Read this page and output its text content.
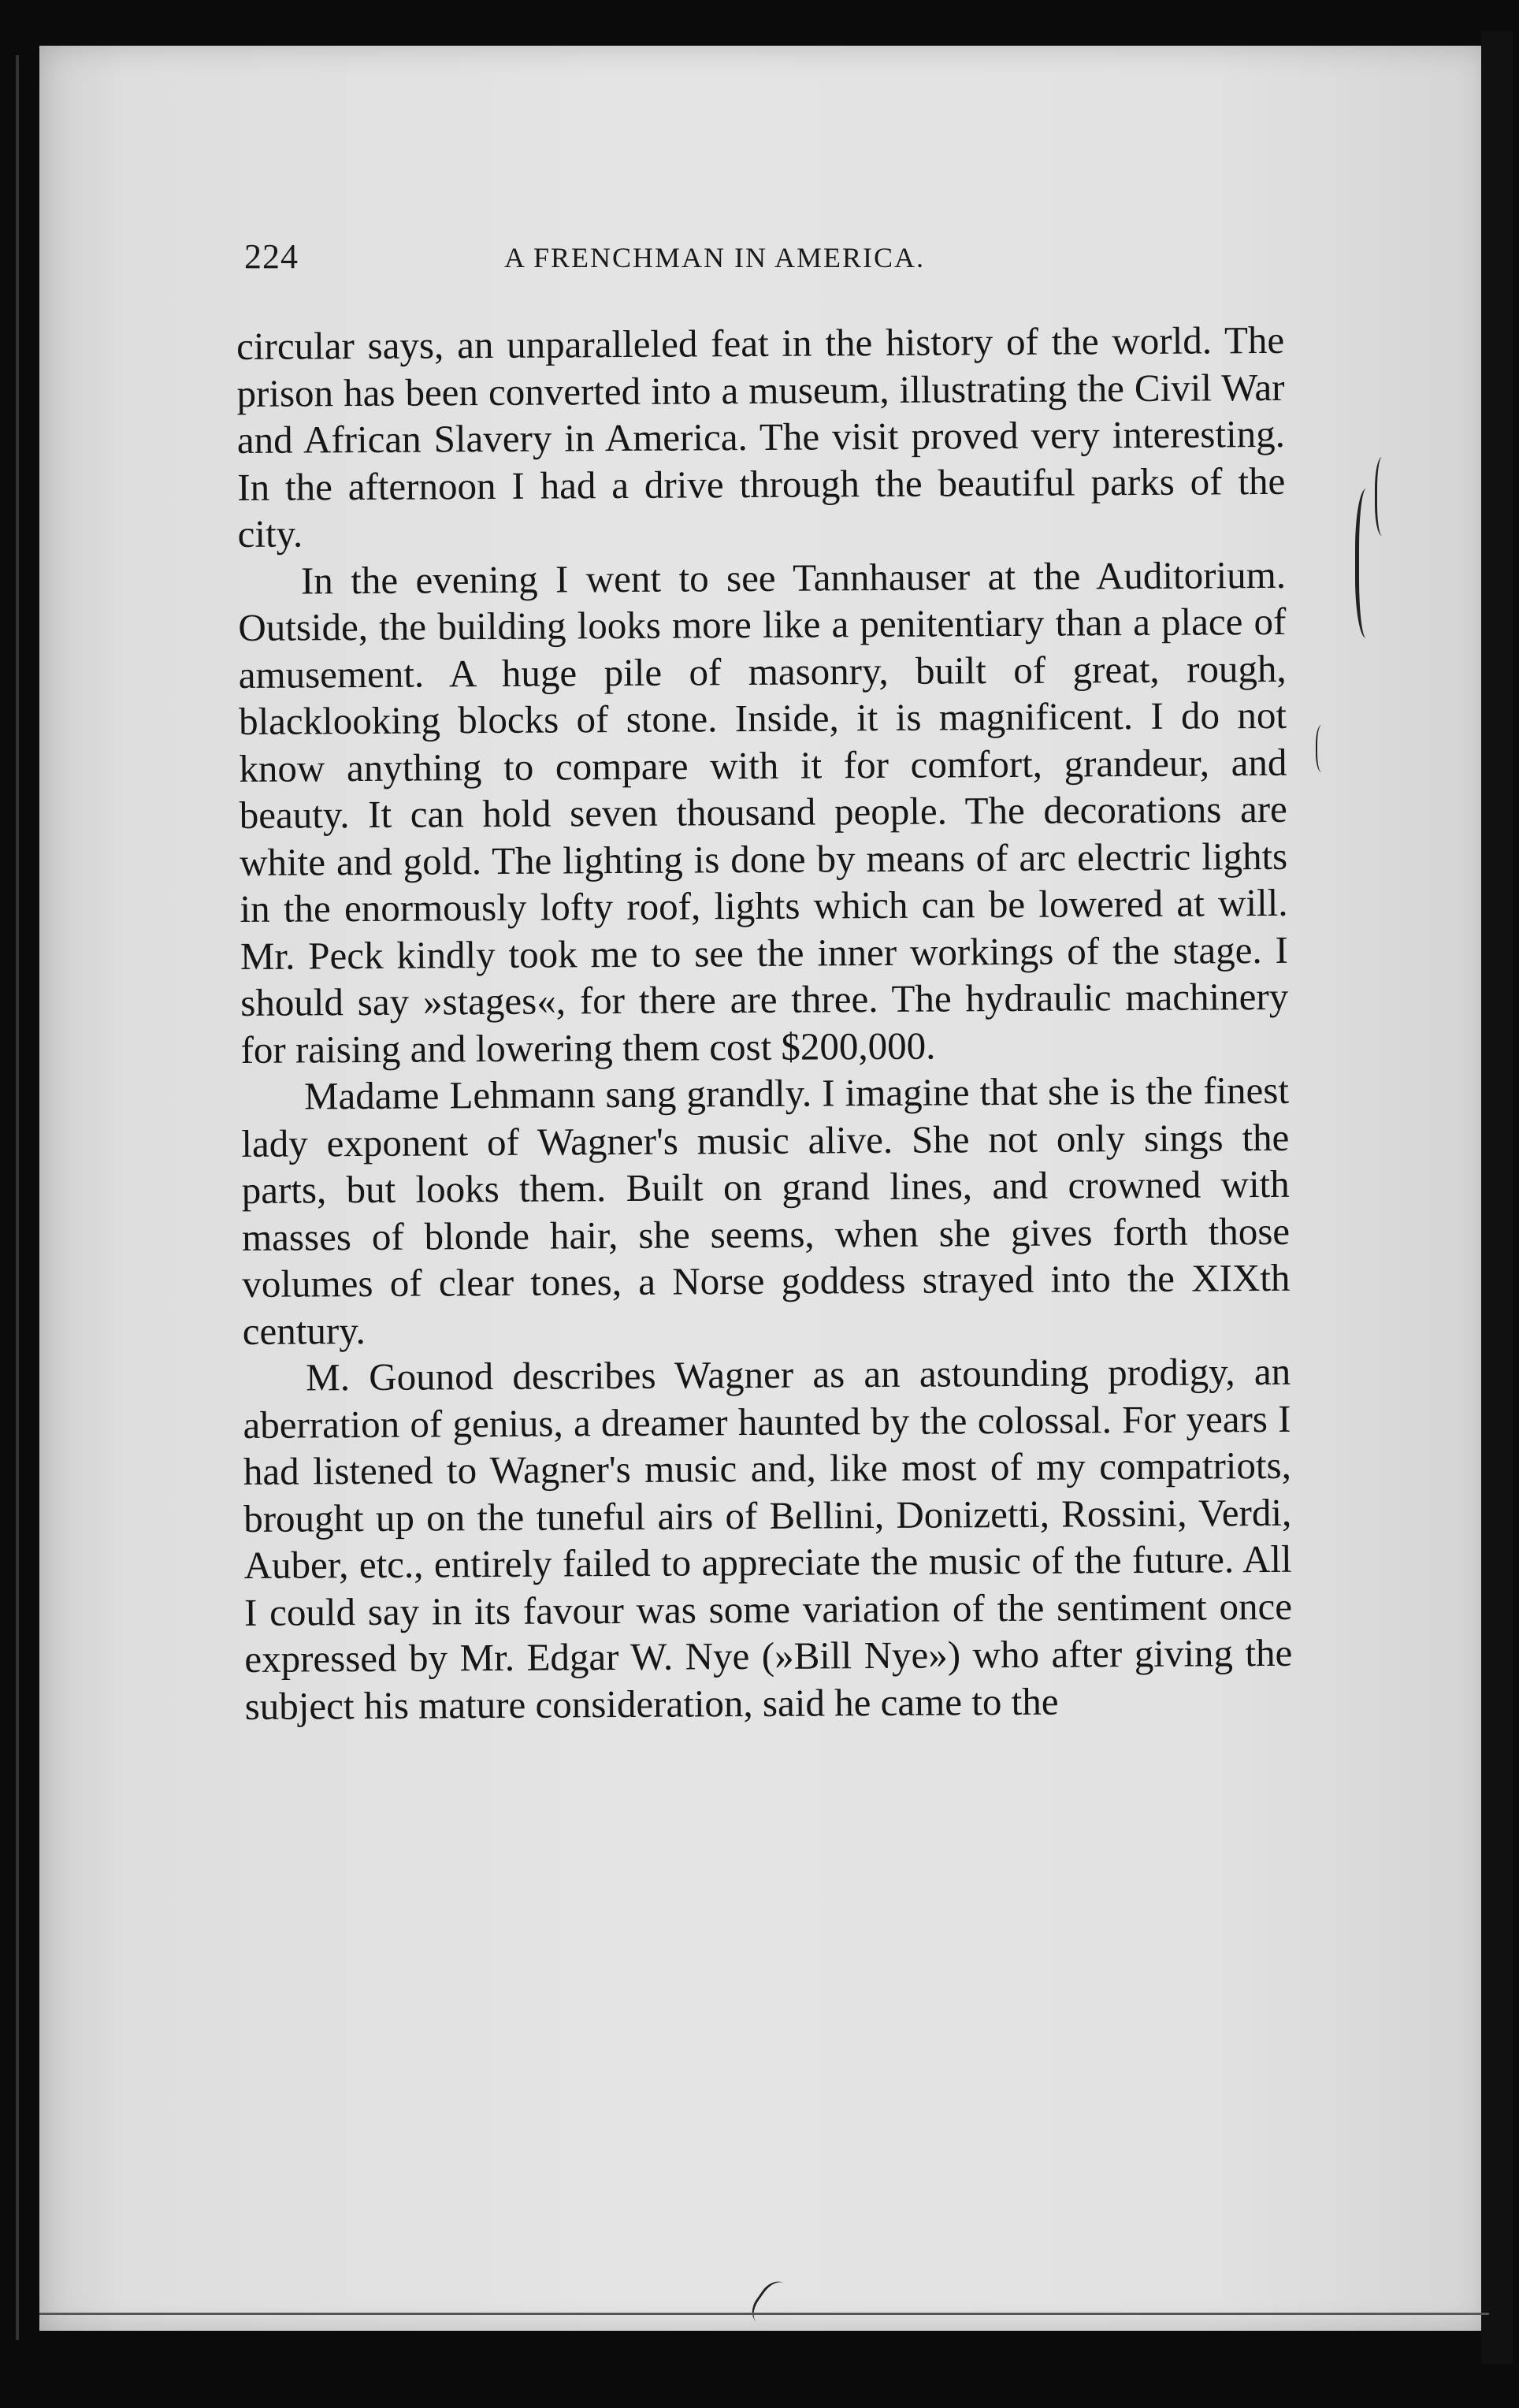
224	A FRENCHMAN IN AMERICA.

circular says, an unparalleled feat in the history of the world. The prison has been converted into a museum, illustrating the Civil War and African Slavery in America. The visit proved very interesting. In the afternoon I had a drive through the beautiful parks of the city.

In the evening I went to see Tannhauser at the Auditorium. Outside, the building looks more like a penitentiary than a place of amusement. A huge pile of masonry, built of great, rough, blacklooking blocks of stone. Inside, it is magnificent. I do not know anything to compare with it for comfort, grandeur, and beauty. It can hold seven thousand people. The decorations are white and gold. The lighting is done by means of arc electric lights in the enormously lofty roof, lights which can be lowered at will. Mr. Peck kindly took me to see the inner workings of the stage. I should say »stages«, for there are three. The hydraulic machinery for raising and lowering them cost $200,000.

Madame Lehmann sang grandly. I imagine that she is the finest lady exponent of Wagner's music alive. She not only sings the parts, but looks them. Built on grand lines, and crowned with masses of blonde hair, she seems, when she gives forth those volumes of clear tones, a Norse goddess strayed into the XIXth century.

M. Gounod describes Wagner as an astounding prodigy, an aberration of genius, a dreamer haunted by the colossal. For years I had listened to Wagner's music and, like most of my compatriots, brought up on the tuneful airs of Bellini, Donizetti, Rossini, Verdi, Auber, etc., entirely failed to appreciate the music of the future. All I could say in its favour was some variation of the sentiment once expressed by Mr. Edgar W. Nye (»Bill Nye») who after giving the subject his mature consideration, said he came to the
